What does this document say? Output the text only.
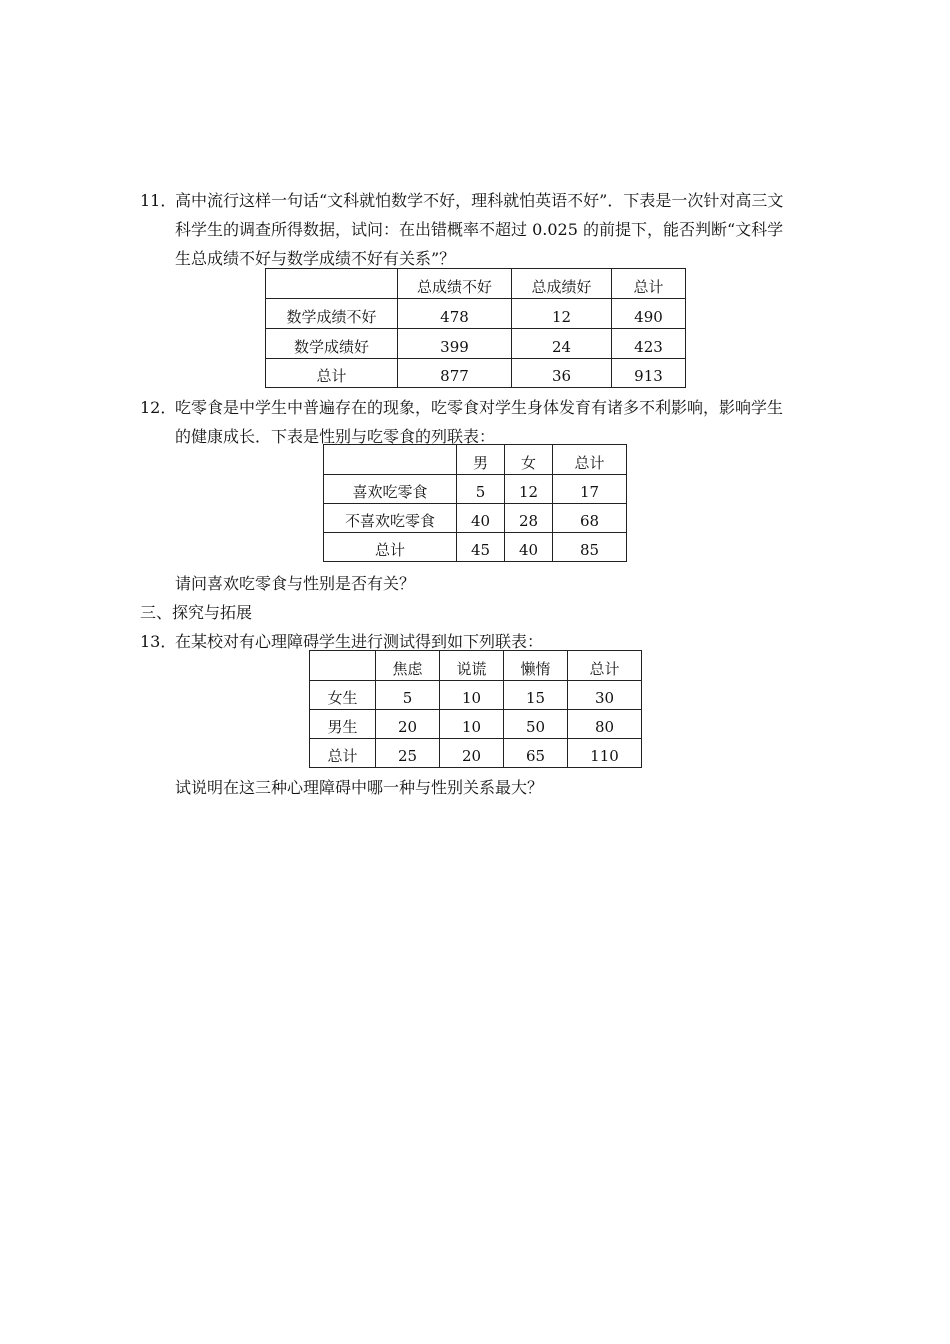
11．
高中流行这样一句话“文科就怕数学不好，理科就怕英语不好”．下表是一次针对高三文
科学生的调查所得数据，试问：在出错概率不超过 0.025 的前提下，能否判断“文科学
生总成绩不好与数学成绩不好有关系”？
	总成绩不好	总成绩好	总计
数学成绩不好	478	12	490
数学成绩好	399	24	423
总计	877	36	913
12．
吃零食是中学生中普遍存在的现象，吃零食对学生身体发育有诸多不利影响，影响学生
的健康成长．下表是性别与吃零食的列联表：
	男	女	总计
喜欢吃零食	5	12	17
不喜欢吃零食	40	28	68
总计	45	40	85
请问喜欢吃零食与性别是否有关？
三、探究与拓展
13．
在某校对有心理障碍学生进行测试得到如下列联表：
	焦虑	说谎	懒惰	总计
女生	5	10	15	30
男生	20	10	50	80
总计	25	20	65	110
试说明在这三种心理障碍中哪一种与性别关系最大？
